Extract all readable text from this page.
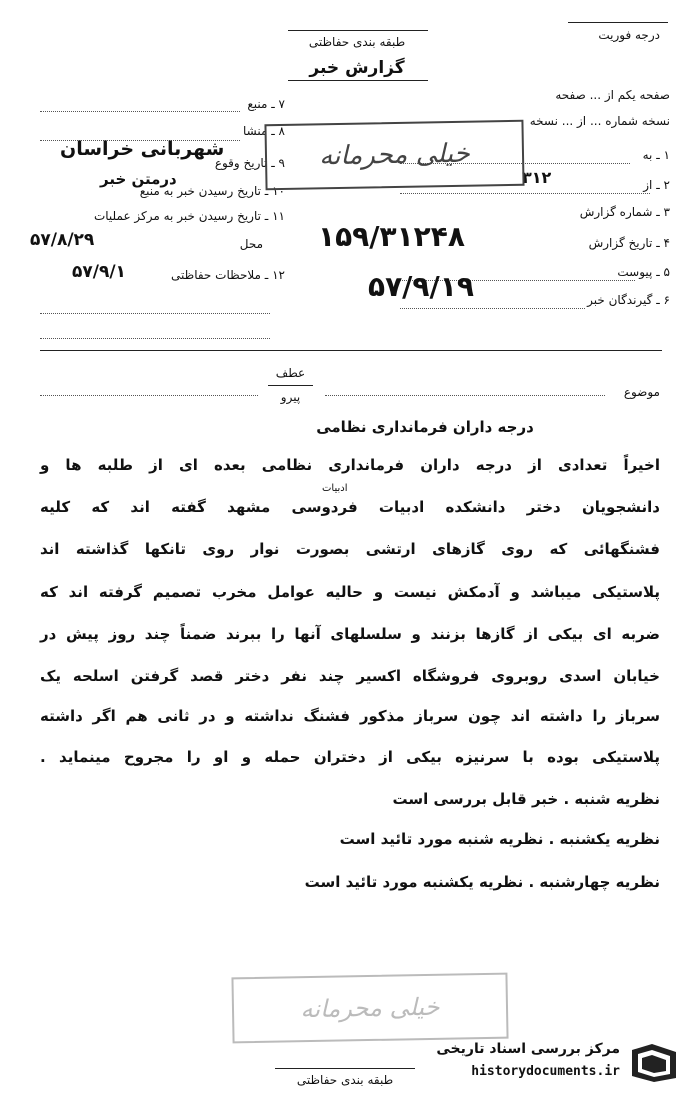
درجه فوریت
طبقه بندی حفاظتی
گزارش خبر
صفحه یکم از ... صفحه
نسخه شماره ... از ... نسخه
۱ ـ به
۲ ـ از
۳ ـ شماره گزارش
۴ ـ تاریخ گزارش
۵ ـ پیوست
۶ ـ گیرندگان خبر
۳۱۲
۱۵۹/۳۱۲۴۸
۵۷/۹/۱۹
۷ ـ منبع
۸ ـ منشا
۹ ـ تاریخ وقوع
۱۰ ـ تاریخ رسیدن خبر به منبع
۱۱ ـ تاریخ رسیدن خبر به مرکز عملیات
محل
۱۲ ـ ملاحظات حفاظتی
شهربانی خراسان
درمتن خبر
۵۷/۸/۲۹
۵۷/۹/۱
خیلی محرمانه
عطف
پیرو	موضوع
درجه داران فرمانداری نظامی
اخیراً تعدادی از درجه داران فرمانداری نظامی بعده ای از طلبه ها و
ادبیات
دانشجویان دختر دانشکده ادبیات فردوسی مشهد گفته اند که کلیه
فشنگهائی که روی گازهای ارتشی بصورت نوار روی تانکها گذاشته اند
پلاستیکی میباشد و آدمکش نیست و حالیه عوامل مخرب تصمیم گرفته اند که
ضربه ای بیکی از گازها بزنند و سلسلهای آنها را ببرند ضمناً چند روز پیش در
خیابان اسدی روبروی فروشگاه اکسیر چند نفر دختر قصد گرفتن اسلحه یک
سرباز را داشته اند چون سرباز مذکور فشنگ نداشته و در ثانی هم اگر داشته
پلاستیکی بوده با سرنیزه بیکی از دختران حمله و او را مجروح مینماید .
نظریه شنبه . خبر قابل بررسی است
نظریه یکشنبه . نظریه شنبه مورد تائید است
نظریه چهارشنبه . نظریه یکشنبه مورد تائید است
خیلی محرمانه
طبقه بندی حفاظتی
مرکز بررسی اسناد تاریخی
historydocuments.ir
